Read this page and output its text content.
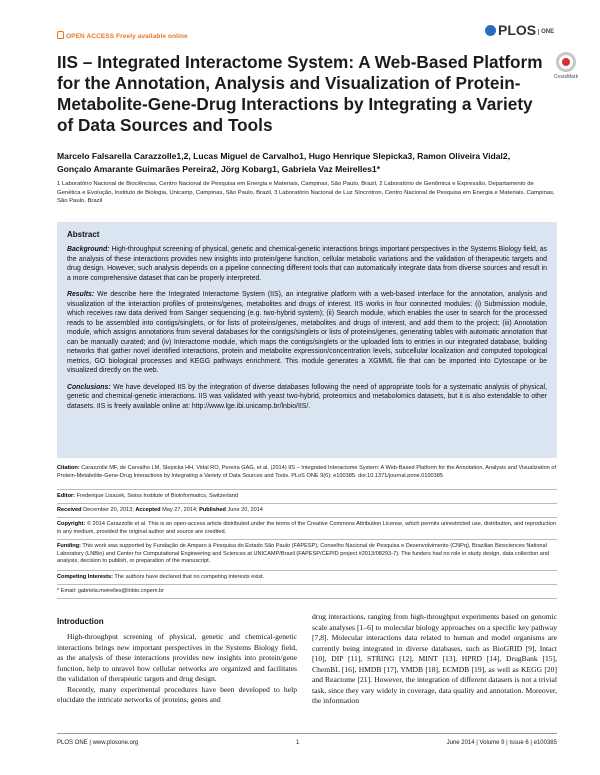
OPEN ACCESS Freely available online	PLOS ONE
CrossMark
IIS – Integrated Interactome System: A Web-Based Platform for the Annotation, Analysis and Visualization of Protein-Metabolite-Gene-Drug Interactions by Integrating a Variety of Data Sources and Tools
Marcelo Falsarella Carazzolle1,2, Lucas Miguel de Carvalho1, Hugo Henrique Slepicka3, Ramon Oliveira Vidal2, Gonçalo Amarante Guimarães Pereira2, Jörg Kobarg1, Gabriela Vaz Meirelles1*
1 Laboratório Nacional de Biociências, Centro Nacional de Pesquisa em Energia e Materiais, Campinas, São Paulo, Brazil, 2 Laboratório de Genômica e Expressão, Departamento de Genética e Evolução, Instituto de Biologia, Unicamp, Campinas, São Paulo, Brazil, 3 Laboratório Nacional de Luz Síncrotron, Centro Nacional de Pesquisa em Energia e Materiais, Campinas, São Paulo, Brazil
Abstract

Background: High-throughput screening of physical, genetic and chemical-genetic interactions brings important perspectives in the Systems Biology field, as the analysis of these interactions provides new insights into protein/gene function, cellular metabolic variations and the validation of therapeutic targets and drug design. However, such analysis depends on a pipeline connecting different tools that can automatically integrate data from diverse sources and result in a more comprehensive dataset that can be properly interpreted.

Results: We describe here the Integrated Interactome System (IIS), an integrative platform with a web-based interface for the annotation, analysis and visualization of the interaction profiles of proteins/genes, metabolites and drugs of interest. IIS works in four connected modules: (i) Submission module, which receives raw data derived from Sanger sequencing (e.g. two-hybrid system); (ii) Search module, which enables the user to search for the processed reads to be assembled into contigs/singlets, or for lists of proteins/genes, metabolites and drugs of interest, and add them to the project; (iii) Annotation module, which assigns annotations from several databases for the contigs/singlets or lists of proteins/genes, generating tables with automatic annotation that can be manually curated; and (iv) Interactome module, which maps the contigs/singlets or the uploaded lists to entries in our integrated database, building networks that gather novel identified interactions, protein and metabolite expression/concentration levels, subcellular localization and computed topological metrics, GO biological processes and KEGG pathways enrichment. This module generates a XGMML file that can be imported into Cytoscape or be visualized directly on the web.

Conclusions: We have developed IIS by the integration of diverse databases following the need of appropriate tools for a systematic analysis of physical, genetic and chemical-genetic interactions. IIS was validated with yeast two-hybrid, proteomics and metabolomics datasets, but it is also extendable to other datasets. IIS is freely available online at: http://www.lge.ibi.unicamp.br/lnbio/IIS/.

Citation: Carazzolle MF, de Carvalho LM, Slepicka HH, Vidal RO, Pereira GAG, et al. (2014) IIS – Integrated Interactome System: A Web-Based Platform for the Annotation, Analysis and Visualization of Protein-Metabolite-Gene-Drug Interactions by Integrating a Variety of Data Sources and Tools. PLoS ONE 9(6): e100385. doi:10.1371/journal.pone.0100385
Editor: Frederique Lisacek, Swiss Institute of Bioinformatics, Switzerland
Received December 20, 2013; Accepted May 27, 2014; Published June 20, 2014
Copyright: © 2014 Carazzolle et al. This is an open-access article distributed under the terms of the Creative Commons Attribution License, which permits unrestricted use, distribution, and reproduction in any medium, provided the original author and source are credited.
Funding: This work was supported by Fundação de Amparo à Pesquisa do Estado São Paulo (FAPESP), Conselho Nacional de Pesquisa e Desenvolvimento (CNPq), Brazilian Biosciences National Laboratory (LNBio) and Center for Computational Engineering and Sciences at UNICAMP/Brazil (FAPESP/CEPID project #2013/08293-7). The funders had no role in study design, data collection and analysis, decision to publish, or preparation of the manuscript.
Competing Interests: The authors have declared that no competing interests exist.
* Email: gabriela.meirelles@lnbio.cnpem.br
Introduction
High-throughput screening of physical, genetic and chemical-genetic interactions brings new important perspectives in the Systems Biology field, as the analysis of these interactions provides new insights into protein/gene function, help to unravel how cellular networks are organized and facilitates the validation of therapeutic targets and drug design.
Recently, many experimental procedures have been developed to help elucidate the intricate networks of proteins, genes and
drug interactions, ranging from high-throughput experiments based on genomic scale analyses [1–6] to molecular biology approaches on a specific key pathway [7,8]. Molecular interactions data related to human and model organisms are currently being integrated in diverse databases, such as BioGRID [9], Intact [10], DIP [11], STRING [12], MINT [13], HPRD [14], DrugBank [15], ChemBL [16], HMDB [17], YMDB [18], ECMDB [19], as well as KEGG [20] and Reactome [21]. However, the integration of different datasets is not a trivial task, since they vary widely in coverage, data quality and annotation. Moreover, the information
PLOS ONE | www.plosone.org	1	June 2014 | Volume 9 | Issue 6 | e100385
